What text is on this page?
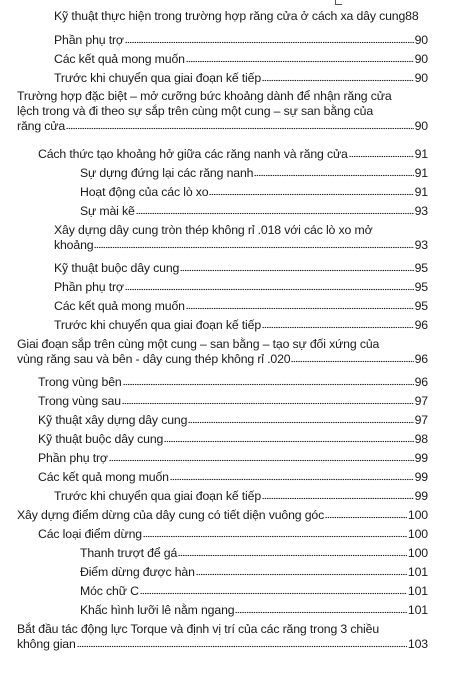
Kỹ thuật thực hiện trong trường hợp răng cửa ở cách xa dây cung 88
Phần phụ trợ	90
Các kết quả mong muốn	90
Trước khi chuyển qua giai đoạn kế tiếp	90
Trường hợp đặc biệt – mở cưỡng bức khoảng dành để nhận răng cửa
lệch trong và đi theo sự sắp trên cùng một cung – sự san bằng của
răng cửa	90
Cách thức tạo khoảng hở giữa các răng nanh và răng cửa	91
Sự dựng đứng lại các răng nanh	91
Hoạt động của các lò xo	91
Sự mài kẽ	93
Xây dựng dây cung tròn thép không rỉ .018 với các lò xo mở
khoảng	93
Kỹ thuật buộc dây cung	95
Phần phụ trợ	95
Các kết quả mong muốn	95
Trước khi chuyển qua giai đoạn kế tiếp	96
Giai đoạn sắp trên cùng một cung – san bằng – tạo sự đối xứng của
vùng răng sau và bên - dây cung thép không rỉ .020	96
Trong vùng bên	96
Trong vùng sau	97
Kỹ thuật xây dựng dây cung	97
Kỹ thuật buộc dây cung	98
Phần phụ trợ	99
Các kết quả mong muốn	99
Trước khi chuyển qua giai đoạn kế tiếp	99
Xây dựng điểm dừng của dây cung có tiết diện vuông góc	100
Các loại điểm dừng	100
Thanh trượt để gá	100
Điểm dừng được hàn	101
Móc chữ C	101
Khấc hình lưỡi lê nằm ngang	101
Bắt đầu tác động lực Torque và định vị trí của các răng trong 3 chiều
không gian	103
